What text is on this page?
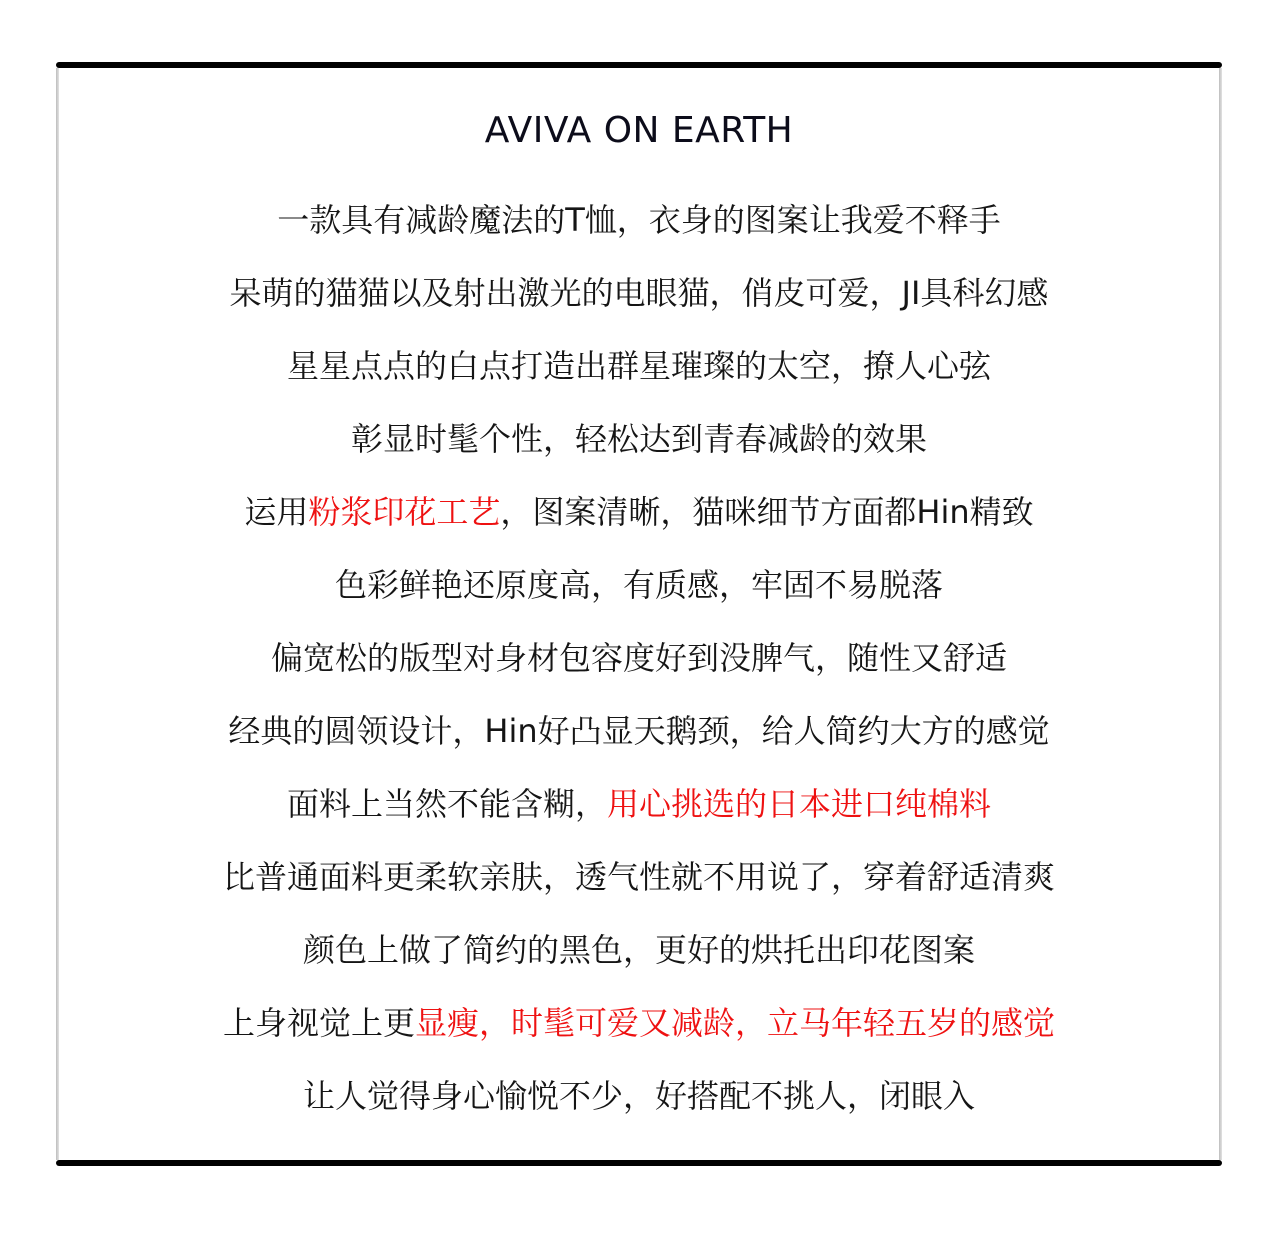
AVIVA ON EARTH
一款具有减龄魔法的T恤，衣身的图案让我爱不释手
呆萌的猫猫以及射出激光的电眼猫，俏皮可爱，JI具科幻感
星星点点的白点打造出群星璀璨的太空，撩人心弦
彰显时髦个性，轻松达到青春减龄的效果
运用粉浆印花工艺，图案清晰，猫咪细节方面都Hin精致
色彩鲜艳还原度高，有质感，牢固不易脱落
偏宽松的版型对身材包容度好到没脾气，随性又舒适
经典的圆领设计，Hin好凸显天鹅颈，给人简约大方的感觉
面料上当然不能含糊，用心挑选的日本进口纯棉料
比普通面料更柔软亲肤，透气性就不用说了，穿着舒适清爽
颜色上做了简约的黑色，更好的烘托出印花图案
上身视觉上更显瘦，时髦可爱又减龄，立马年轻五岁的感觉
让人觉得身心愉悦不少，好搭配不挑人，闭眼入
